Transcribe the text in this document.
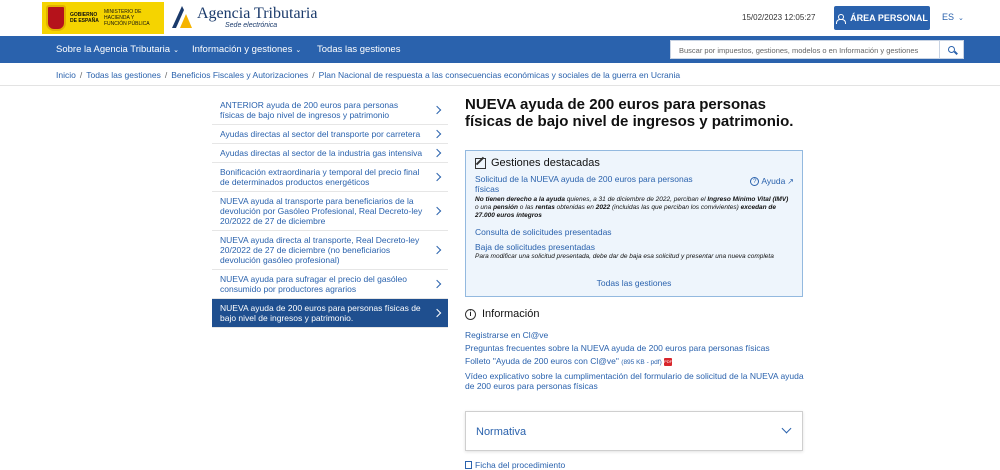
GOBIERNO DE ESPAÑA
MINISTERIO DE HACIENDA Y FUNCIÓN PÚBLICA
Agencia Tributaria
Sede electrónica
15/02/2023 12:05:27	ÁREA PERSONAL ES ⌄
Sobre la Agencia Tributaria ⌄ Información y gestiones ⌄ Todas las gestiones	Buscar por impuestos, gestiones, modelos o en Información y gestiones
Inicio / Todas las gestiones / Beneficios Fiscales y Autorizaciones / Plan Nacional de respuesta a las consecuencias económicas y sociales de la guerra en Ucrania
ANTERIOR ayuda de 200 euros para personas físicas de bajo nivel de ingresos y patrimonio
Ayudas directas al sector del transporte por carretera
Ayudas directas al sector de la industria gas intensiva
Bonificación extraordinaria y temporal del precio final de determinados productos energéticos
NUEVA ayuda al transporte para beneficiarios de la devolución por Gasóleo Profesional, Real Decreto-ley 20/2022 de 27 de diciembre
NUEVA ayuda directa al transporte, Real Decreto-ley 20/2022 de 27 de diciembre (no beneficiarios devolución gasóleo profesional)
NUEVA ayuda para sufragar el precio del gasóleo consumido por productores agrarios
NUEVA ayuda de 200 euros para personas físicas de bajo nivel de ingresos y patrimonio.
NUEVA ayuda de 200 euros para personas físicas de bajo nivel de ingresos y patrimonio.
Gestiones destacadas
Solicitud de la NUEVA ayuda de 200 euros para personas físicas
? Ayuda ↗
No tienen derecho a la ayuda quienes, a 31 de diciembre de 2022, perciban el Ingreso Mínimo Vital (IMV) o una pensión o las rentas obtenidas en 2022 (incluidas las que perciban los convivientes) excedan de 27.000 euros íntegros
Consulta de solicitudes presentadas
Baja de solicitudes presentadas
Para modificar una solicitud presentada, debe dar de baja esa solicitud y presentar una nueva completa
Todas las gestiones
i Información
Registrarse en Cl@ve
Preguntas frecuentes sobre la NUEVA ayuda de 200 euros para personas físicas
Folleto "Ayuda de 200 euros con Cl@ve" (895 KB - pdf) PDF
Vídeo explicativo sobre la cumplimentación del formulario de solicitud de la NUEVA ayuda de 200 euros para personas físicas
Normativa
Ficha del procedimiento
